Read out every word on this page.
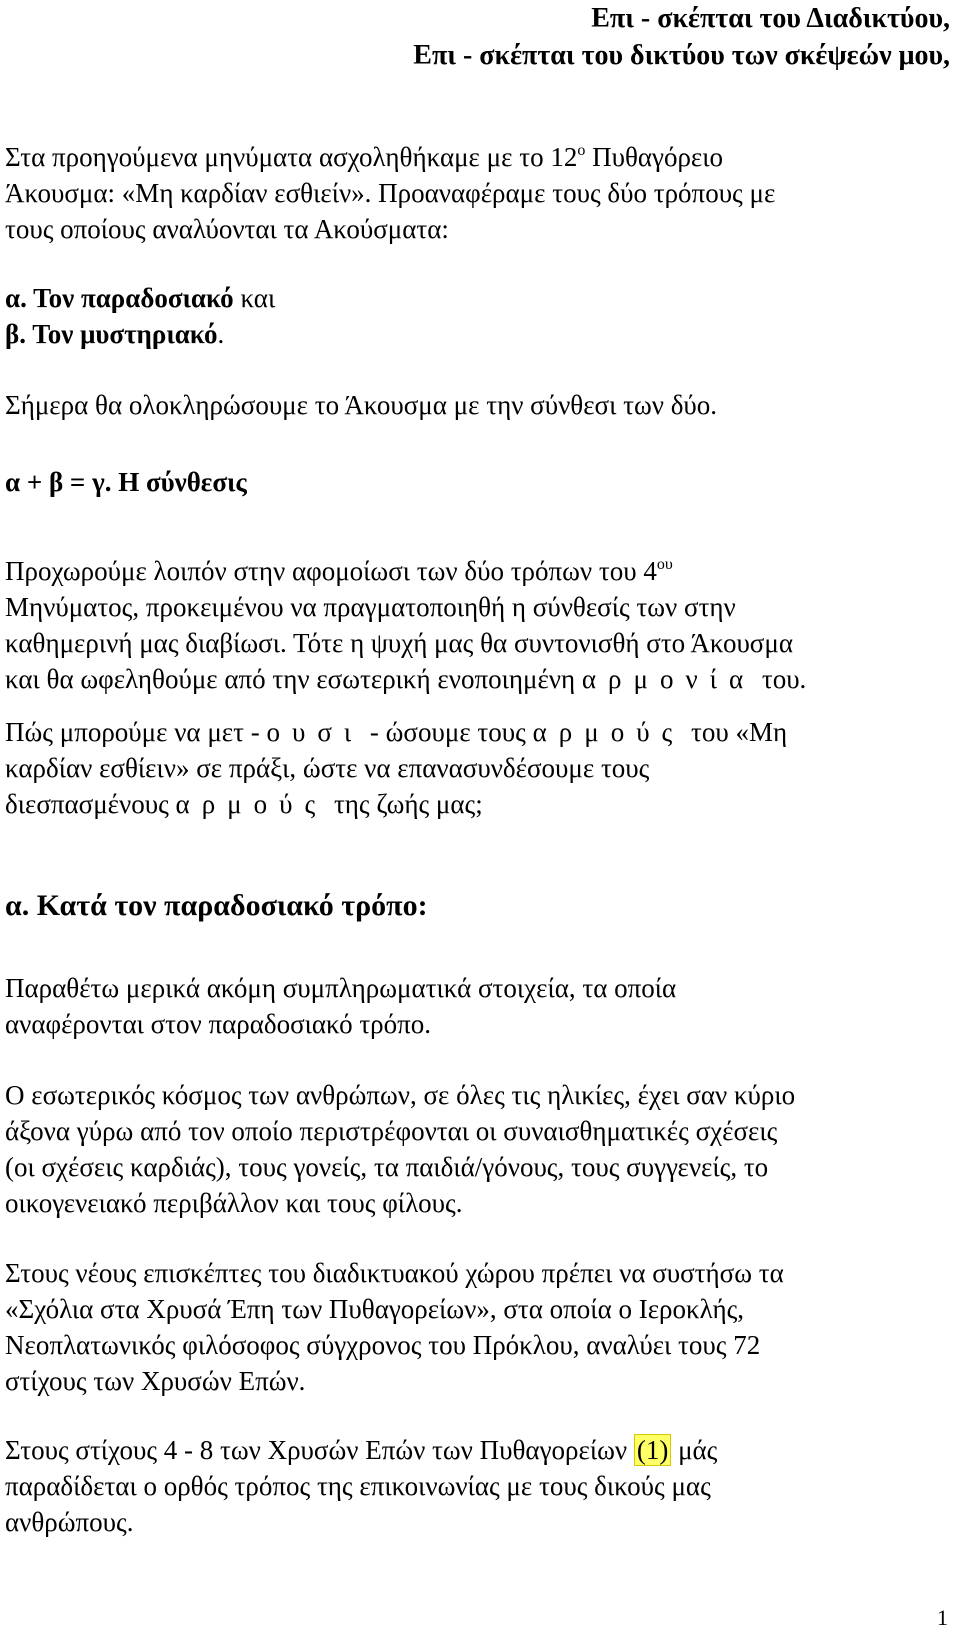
Επι - σκέπται του Διαδικτύου,
Επι - σκέπται του δικτύου των σκέψεών μου,
Στα προηγούμενα μηνύματα ασχοληθήκαμε με το $12^o$ Πυθαγόρειο
Άκουσμα: «Μη καρδίαν εσθιείν». Προαναφέραμε τους δύο τρόπους με
τους οποίους αναλύονται τα Ακούσματα:
α. Τον παραδοσιακό και
β. Τον μυστηριακό.
Σήμερα θα ολοκληρώσουμε το Άκουσμα με την σύνθεσι των δύο.
α + β = γ. Η σύνθεσις
Προχωρούμε λοιπόν στην αφομοίωσι των δύο τρόπων του $4^{o\upsilon}$
Μηνύματος, προκειμένου να πραγματοποιηθή η σύνθεσίς των στην
καθημερινή μας διαβίωσι. Τότε η ψυχή μας θα συντονισθή στο Άκουσμα
και θα ωφεληθούμε από την εσωτερική ενοποιημένη αρμονία του.
Πώς μπορούμε να μετ - ουσι - ώσουμε τους αρμούς του «Μη
καρδίαν εσθίειν» σε πράξι, ώστε να επανασυνδέσουμε τους
διεσπασμένους αρμούς της ζωής μας;
α. Κατά τον παραδοσιακό τρόπο:
Παραθέτω μερικά ακόμη συμπληρωματικά στοιχεία, τα οποία
αναφέρονται στον παραδοσιακό τρόπο.
Ο εσωτερικός κόσμος των ανθρώπων, σε όλες τις ηλικίες, έχει σαν κύριο
άξονα γύρω από τον οποίο περιστρέφονται οι συναισθηματικές σχέσεις
(οι σχέσεις καρδιάς), τους γονείς, τα παιδιά/γόνους, τους συγγενείς, το
οικογενειακό περιβάλλον και τους φίλους.
Στους νέους επισκέπτες του διαδικτυακού χώρου πρέπει να συστήσω τα
«Σχόλια στα Χρυσά Έπη των Πυθαγορείων», στα οποία ο Ιεροκλής,
Νεοπλατωνικός φιλόσοφος σύγχρονος του Πρόκλου, αναλύει τους 72
στίχους των Χρυσών Επών.
Στους στίχους 4 - 8 των Χρυσών Επών των Πυθαγορείων (1) μάς
παραδίδεται ο ορθός τρόπος της επικοινωνίας με τους δικούς μας
ανθρώπους.
1
